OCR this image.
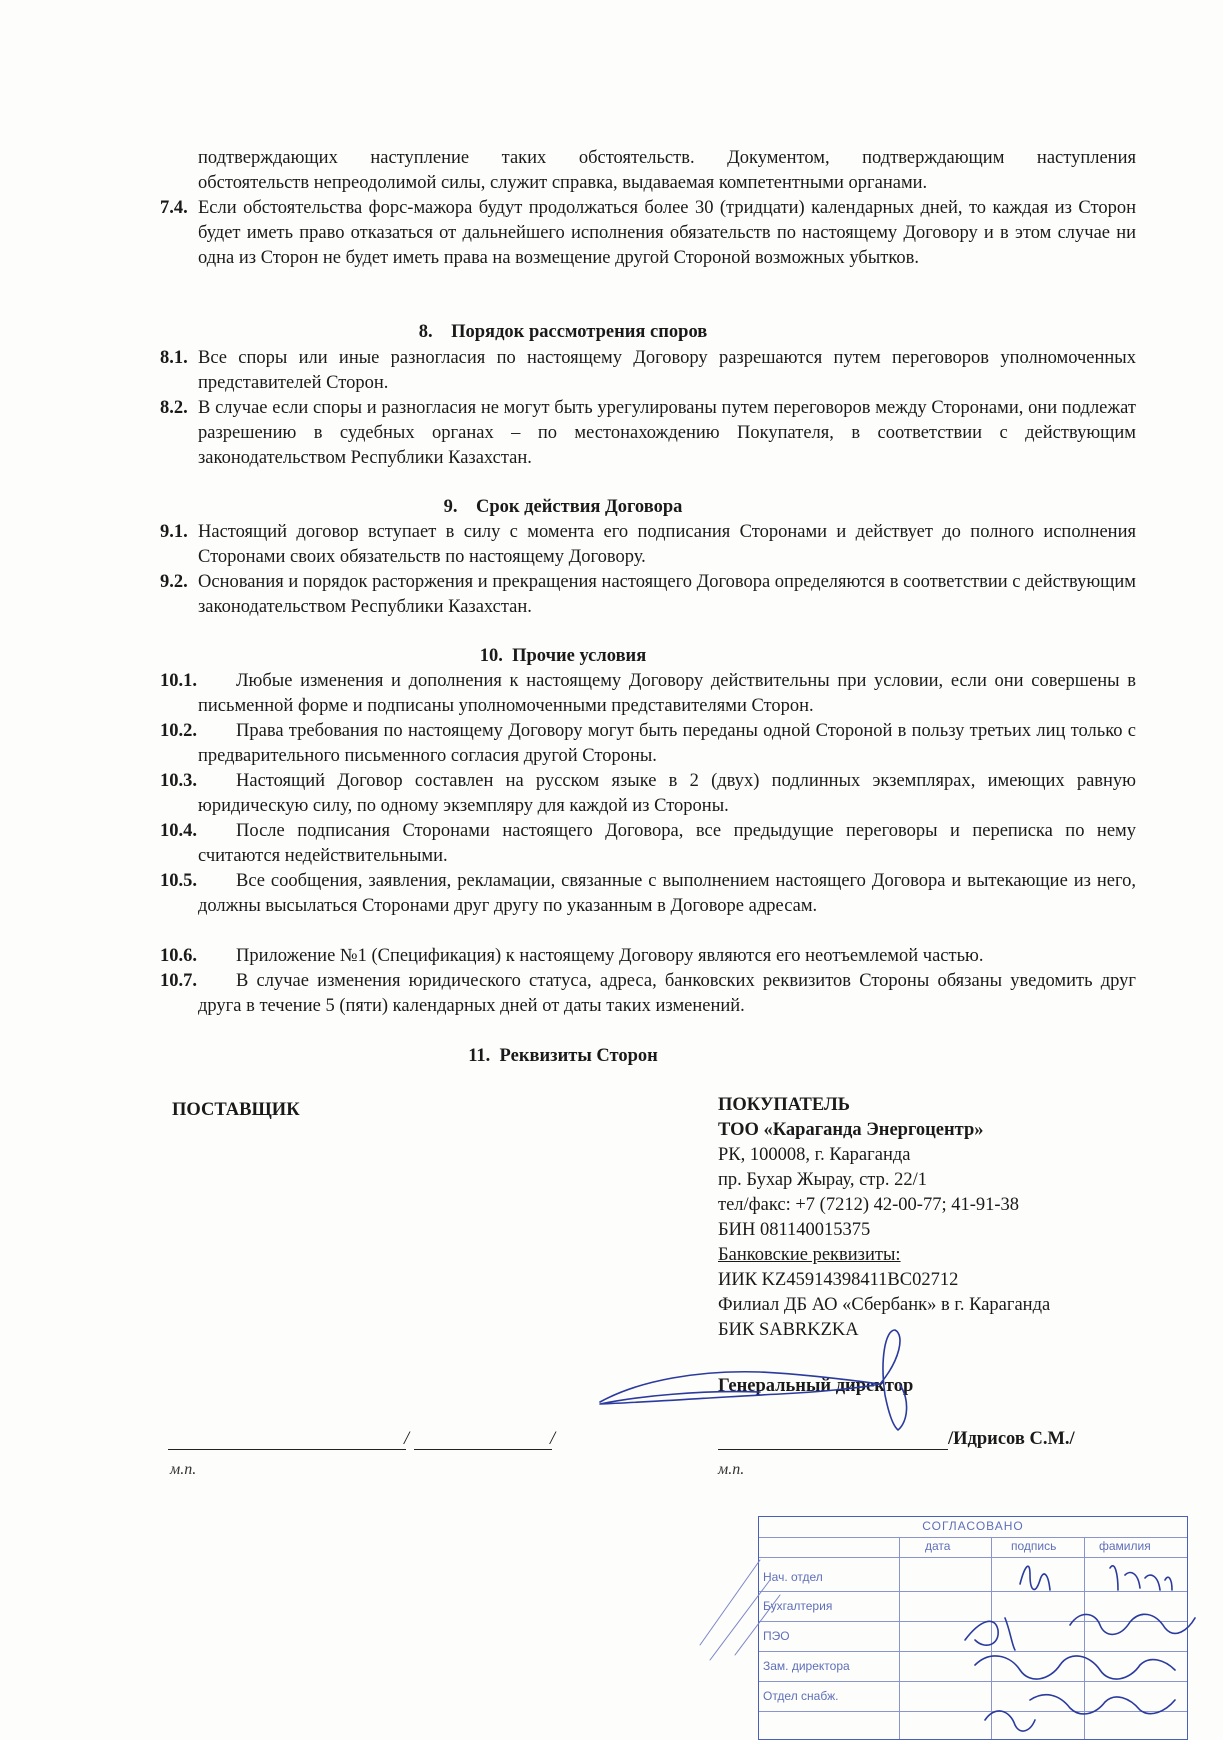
подтверждающих наступление таких обстоятельств. Документом, подтверждающим наступления
обстоятельств непреодолимой силы, служит справка, выдаваемая компетентными органами.
7.4. Если обстоятельства форс-мажора будут продолжаться более 30 (тридцати) календарных дней, то каждая из Сторон будет иметь право отказаться от дальнейшего исполнения обязательств по настоящему Договору и в этом случае ни одна из Сторон не будет иметь права на возмещение другой Стороной возможных убытков.
8. Порядок рассмотрения споров
8.1. Все споры или иные разногласия по настоящему Договору разрешаются путем переговоров уполномоченных представителей Сторон.
8.2. В случае если споры и разногласия не могут быть урегулированы путем переговоров между Сторонами, они подлежат разрешению в судебных органах – по местонахождению Покупателя, в соответствии с действующим законодательством Республики Казахстан.
9. Срок действия Договора
9.1. Настоящий договор вступает в силу с момента его подписания Сторонами и действует до полного исполнения Сторонами своих обязательств по настоящему Договору.
9.2. Основания и порядок расторжения и прекращения настоящего Договора определяются в соответствии с действующим законодательством Республики Казахстан.
10. Прочие условия
10.1.	Любые изменения и дополнения к настоящему Договору действительны при условии, если они совершены в письменной форме и подписаны уполномоченными представителями Сторон.
10.2.	Права требования по настоящему Договору могут быть переданы одной Стороной в пользу третьих лиц только с предварительного письменного согласия другой Стороны.
10.3.	Настоящий Договор составлен на русском языке в 2 (двух) подлинных экземплярах, имеющих равную юридическую силу, по одному экземпляру для каждой из Стороны.
10.4.	После подписания Сторонами настоящего Договора, все предыдущие переговоры и переписка по нему считаются недействительными.
10.5.	Все сообщения, заявления, рекламации, связанные с выполнением настоящего Договора и вытекающие из него, должны высылаться Сторонами друг другу по указанным в Договоре адресам.
10.6.	Приложение №1 (Спецификация) к настоящему Договору являются его неотъемлемой частью.
10.7.	В случае изменения юридического статуса, адреса, банковских реквизитов Стороны обязаны уведомить друг друга в течение 5 (пяти) календарных дней от даты таких изменений.
11. Реквизиты Сторон
ПОСТАВЩИК	ПОКУПАТЕЛЬ
ТОО «Караганда Энергоцентр»
РК, 100008, г. Караганда
пр. Бухар Жырау, стр. 22/1
тел/факс: +7 (7212) 42-00-77; 41-91-38
БИН 081140015375
Банковские реквизиты:
ИИК KZ45914398411BC02712
Филиал ДБ АО «Сбербанк» в г. Караганда
БИК SABRKZKA
Генеральный директор
/	/
м.п.
/Идрисов С.М./
м.п.
СОГЛАСОВАНО
дата	подпись	фамилия
Нач. отдел
Бухгалтерия
ПЭО
Зам. директора
Отдел снабж.
